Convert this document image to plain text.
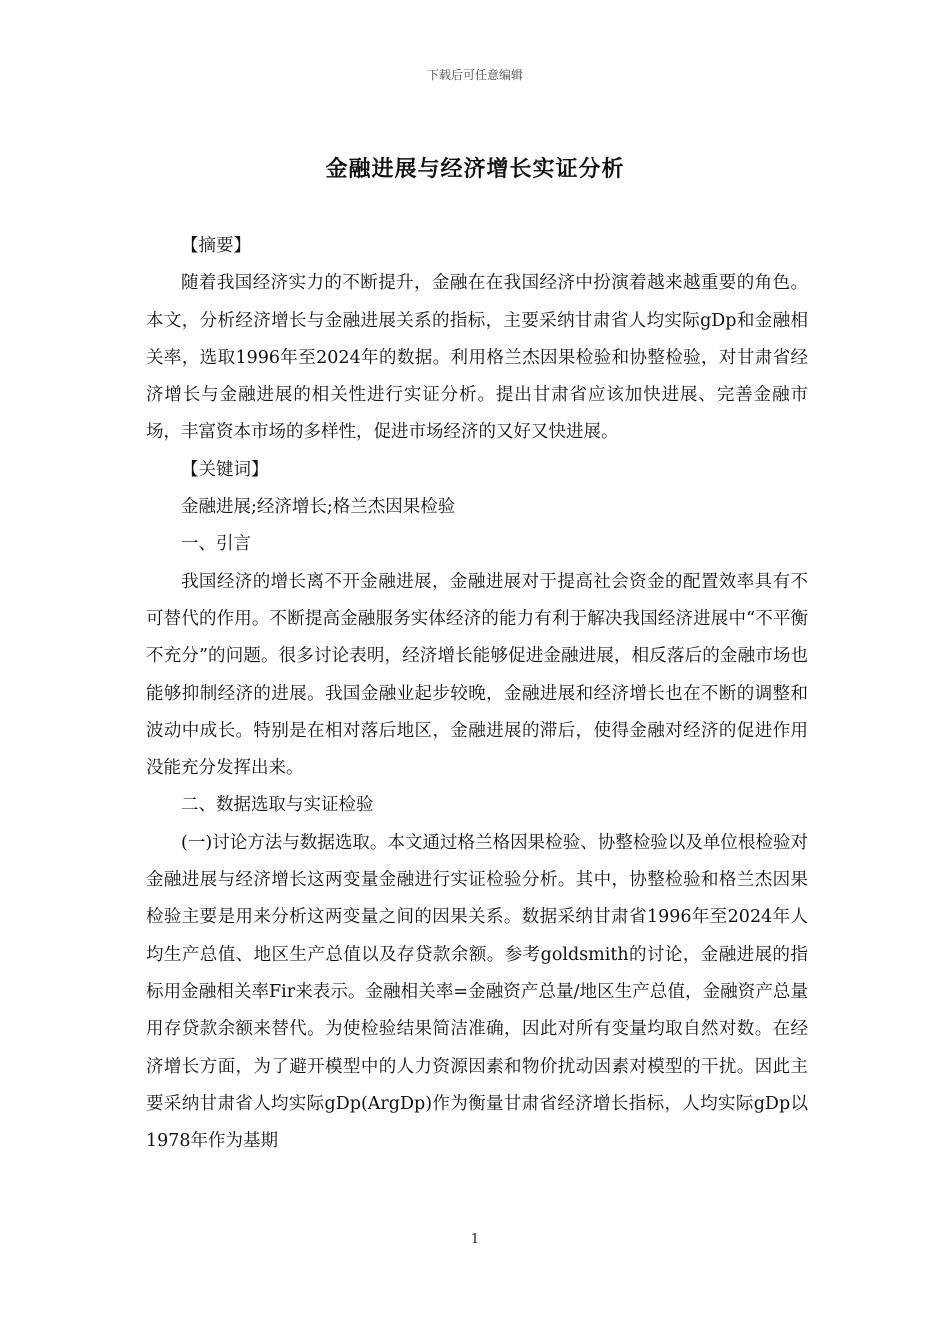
下载后可任意编辑
金融进展与经济增长实证分析

【摘要】

随着我国经济实力的不断提升，金融在在我国经济中扮演着越来越重要的角色。本文，分析经济增长与金融进展关系的指标，主要采纳甘肃省人均实际gDp和金融相关率，选取1996年至2024年的数据。利用格兰杰因果检验和协整检验，对甘肃省经济增长与金融进展的相关性进行实证分析。提出甘肃省应该加快进展、完善金融市场，丰富资本市场的多样性，促进市场经济的又好又快进展。

【关键词】

金融进展;经济增长;格兰杰因果检验

一、引言

我国经济的增长离不开金融进展，金融进展对于提高社会资金的配置效率具有不可替代的作用。不断提高金融服务实体经济的能力有利于解决我国经济进展中“不平衡不充分”的问题。很多讨论表明，经济增长能够促进金融进展，相反落后的金融市场也能够抑制经济的进展。我国金融业起步较晚，金融进展和经济增长也在不断的调整和波动中成长。特别是在相对落后地区，金融进展的滞后，使得金融对经济的促进作用没能充分发挥出来。

二、数据选取与实证检验

(一)讨论方法与数据选取。本文通过格兰格因果检验、协整检验以及单位根检验对金融进展与经济增长这两变量金融进行实证检验分析。其中，协整检验和格兰杰因果检验主要是用来分析这两变量之间的因果关系。数据采纳甘肃省1996年至2024年人均生产总值、地区生产总值以及存贷款余额。参考goldsmith的讨论，金融进展的指标用金融相关率Fir来表示。金融相关率=金融资产总量/地区生产总值，金融资产总量用存贷款余额来替代。为使检验结果简洁准确，因此对所有变量均取自然对数。在经济增长方面，为了避开模型中的人力资源因素和物价扰动因素对模型的干扰。因此主要采纳甘肃省人均实际gDp(ArgDp)作为衡量甘肃省经济增长指标，人均实际gDp以1978年作为基期

1
